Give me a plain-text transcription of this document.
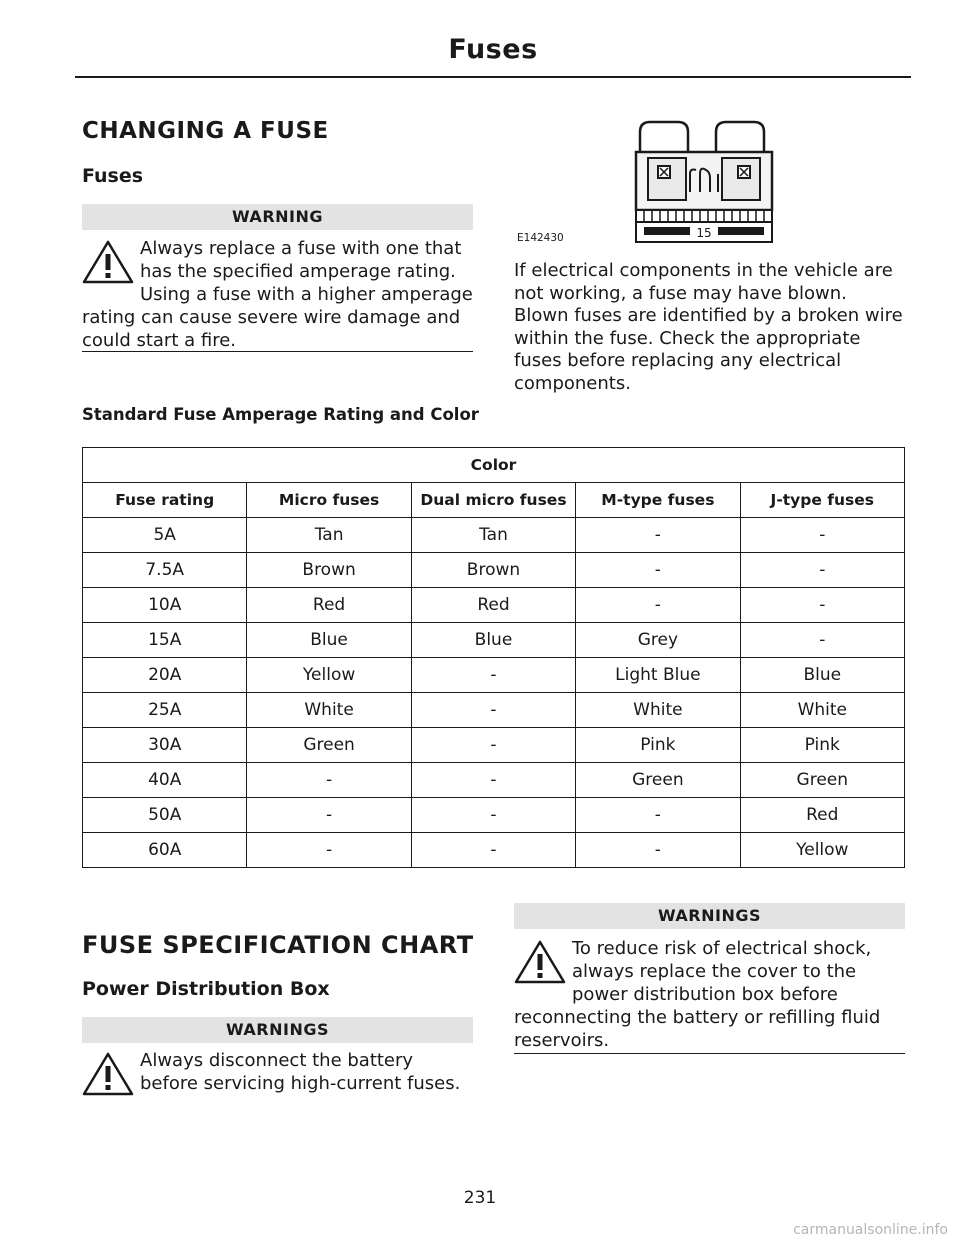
Fuses
CHANGING A FUSE
Fuses
WARNING
Always replace a fuse with one that has the specified amperage rating. Using a fuse with a higher amperage rating can cause severe wire damage and could start a fire.
15
E142430
If electrical components in the vehicle are not working, a fuse may have blown. Blown fuses are identified by a broken wire within the fuse. Check the appropriate fuses before replacing any electrical components.
Standard Fuse Amperage Rating and Color
Color				
Fuse rating	Micro fuses	Dual micro fuses	M-type fuses	J-type fuses
5A	Tan	Tan	-	-
7.5A	Brown	Brown	-	-
10A	Red	Red	-	-
15A	Blue	Blue	Grey	-
20A	Yellow	-	Light Blue	Blue
25A	White	-	White	White
30A	Green	-	Pink	Pink
40A	-	-	Green	Green
50A	-	-	-	Red
60A	-	-	-	Yellow
FUSE SPECIFICATION CHART
Power Distribution Box
WARNINGS
Always disconnect the battery before servicing high-current fuses.
WARNINGS
To reduce risk of electrical shock, always replace the cover to the power distribution box before reconnecting the battery or refilling fluid reservoirs.
231
carmanualsonline.info
